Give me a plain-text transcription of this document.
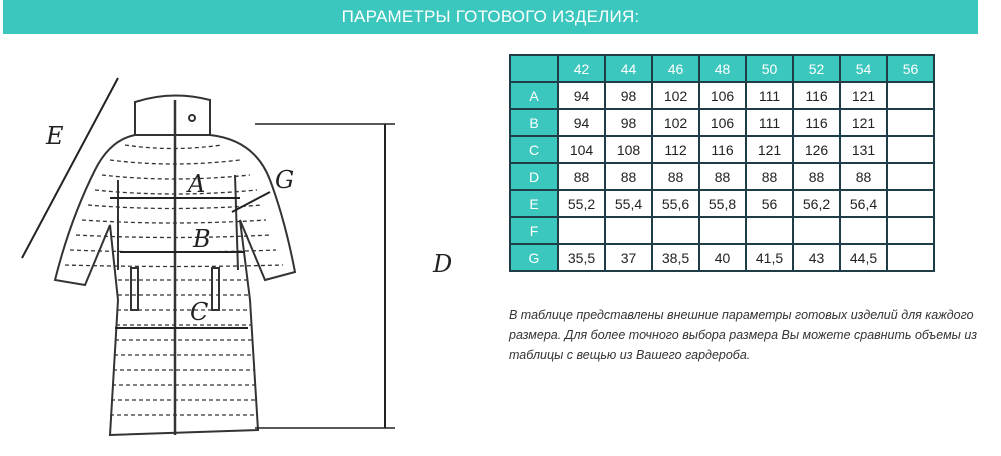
ПАРАМЕТРЫ ГОТОВОГО ИЗДЕЛИЯ:
A
B
C
D
E
G
	42	44	46	48	50	52	54	56
A	94	98	102	106	111	116	121	
B	94	98	102	106	111	116	121	
C	104	108	112	116	121	126	131	
D	88	88	88	88	88	88	88	
E	55,2	55,4	55,6	55,8	56	56,2	56,4	
F								
G	35,5	37	38,5	40	41,5	43	44,5	
В таблице представлены внешние параметры готовых изделий для каждого размера. Для более точного выбора размера Вы можете сравнить объемы из таблицы с вещью из Вашего гардероба.
